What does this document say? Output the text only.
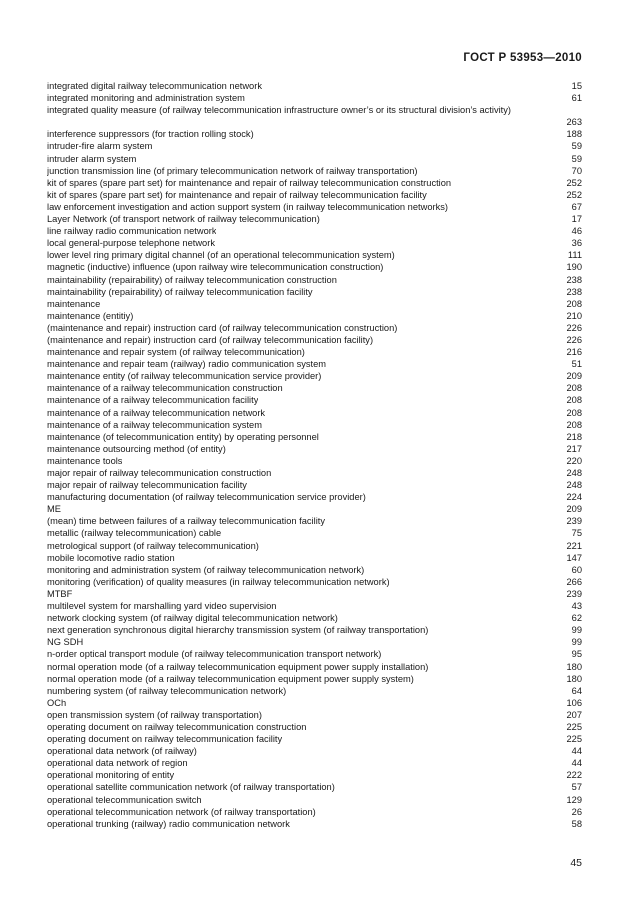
ГОСТ Р 53953—2010
integrated digital railway telecommunication network	15
integrated monitoring and administration system	61
integrated quality measure (of railway telecommunication infrastructure owner’s or its structural division’s activity)
263
interference suppressors (for traction rolling stock)	188
intruder-fire alarm system	59
intruder alarm system	59
junction transmission line (of primary telecommunication network of railway transportation)	70
kit of spares (spare part set) for maintenance and repair of railway telecommunication construction	252
kit of spares (spare part set) for maintenance and repair of railway telecommunication facility	252
law enforcement investigation and action support system (in railway telecommunication networks)	67
Layer Network (of transport network of railway telecommunication)	17
line railway radio communication network	46
local general-purpose telephone network	36
lower level ring primary digital channel (of an operational telecommunication system)	111
magnetic (inductive) influence (upon railway wire telecommunication construction)	190
maintainability (repairability) of railway telecommunication construction	238
maintainability (repairability) of railway telecommunication facility	238
maintenance	208
maintenance (entitiy)	210
(maintenance and repair) instruction card (of railway telecommunication construction)	226
(maintenance and repair) instruction card (of railway telecommunication facility)	226
maintenance and repair system (of railway telecommunication)	216
maintenance and repair team (railway) radio communication system	51
maintenance entity (of railway telecommunication service provider)	209
maintenance of a railway telecommunication construction	208
maintenance of a railway telecommunication facility	208
maintenance of a railway telecommunication network	208
maintenance of a railway telecommunication system	208
maintenance (of telecommunication entity) by operating personnel	218
maintenance outsourcing method (of entity)	217
maintenance tools	220
major repair of railway telecommunication construction	248
major repair of railway telecommunication facility	248
manufacturing documentation (of railway telecommunication service provider)	224
ME	209
(mean) time between failures of a railway telecommunication facility	239
metallic (railway telecommunication) cable	75
metrological support (of railway telecommunication)	221
mobile locomotive radio station	147
monitoring and administration system (of railway telecommunication network)	60
monitoring (verification) of quality measures (in railway telecommunication network)	266
MTBF	239
multilevel system for marshalling yard video supervision	43
network clocking system (of railway digital telecommunication network)	62
next generation synchronous digital hierarchy transmission system (of railway transportation)	99
NG SDH	99
n-order optical transport module (of railway telecommunication transport network)	95
normal operation mode (of a railway telecommunication equipment power supply installation)	180
normal operation mode (of a railway telecommunication equipment power supply system)	180
numbering system (of railway telecommunication network)	64
OCh	106
open transmission system (of railway transportation)	207
operating document on railway telecommunication construction	225
operating document on railway telecommunication facility	225
operational data network (of railway)	44
operational data network of region	44
operational monitoring of entity	222
operational satellite communication network (of railway transportation)	57
operational telecommunication switch	129
operational telecommunication network (of railway transportation)	26
operational trunking (railway) radio communication network	58
45
